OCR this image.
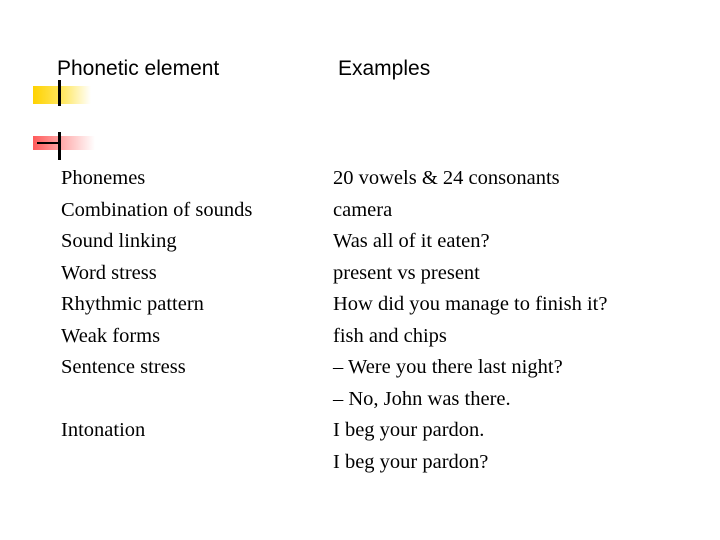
Phonetic element	Examples
Phonemes
Combination of sounds
Sound linking
Word stress
Rhythmic pattern
Weak forms
Sentence stress
Intonation
20 vowels & 24 consonants
camera
Was all of it eaten?
present vs present
How did you manage to finish it?
fish and chips
– Were you there last night?
– No, John was there.
I beg your pardon.
I beg your pardon?
